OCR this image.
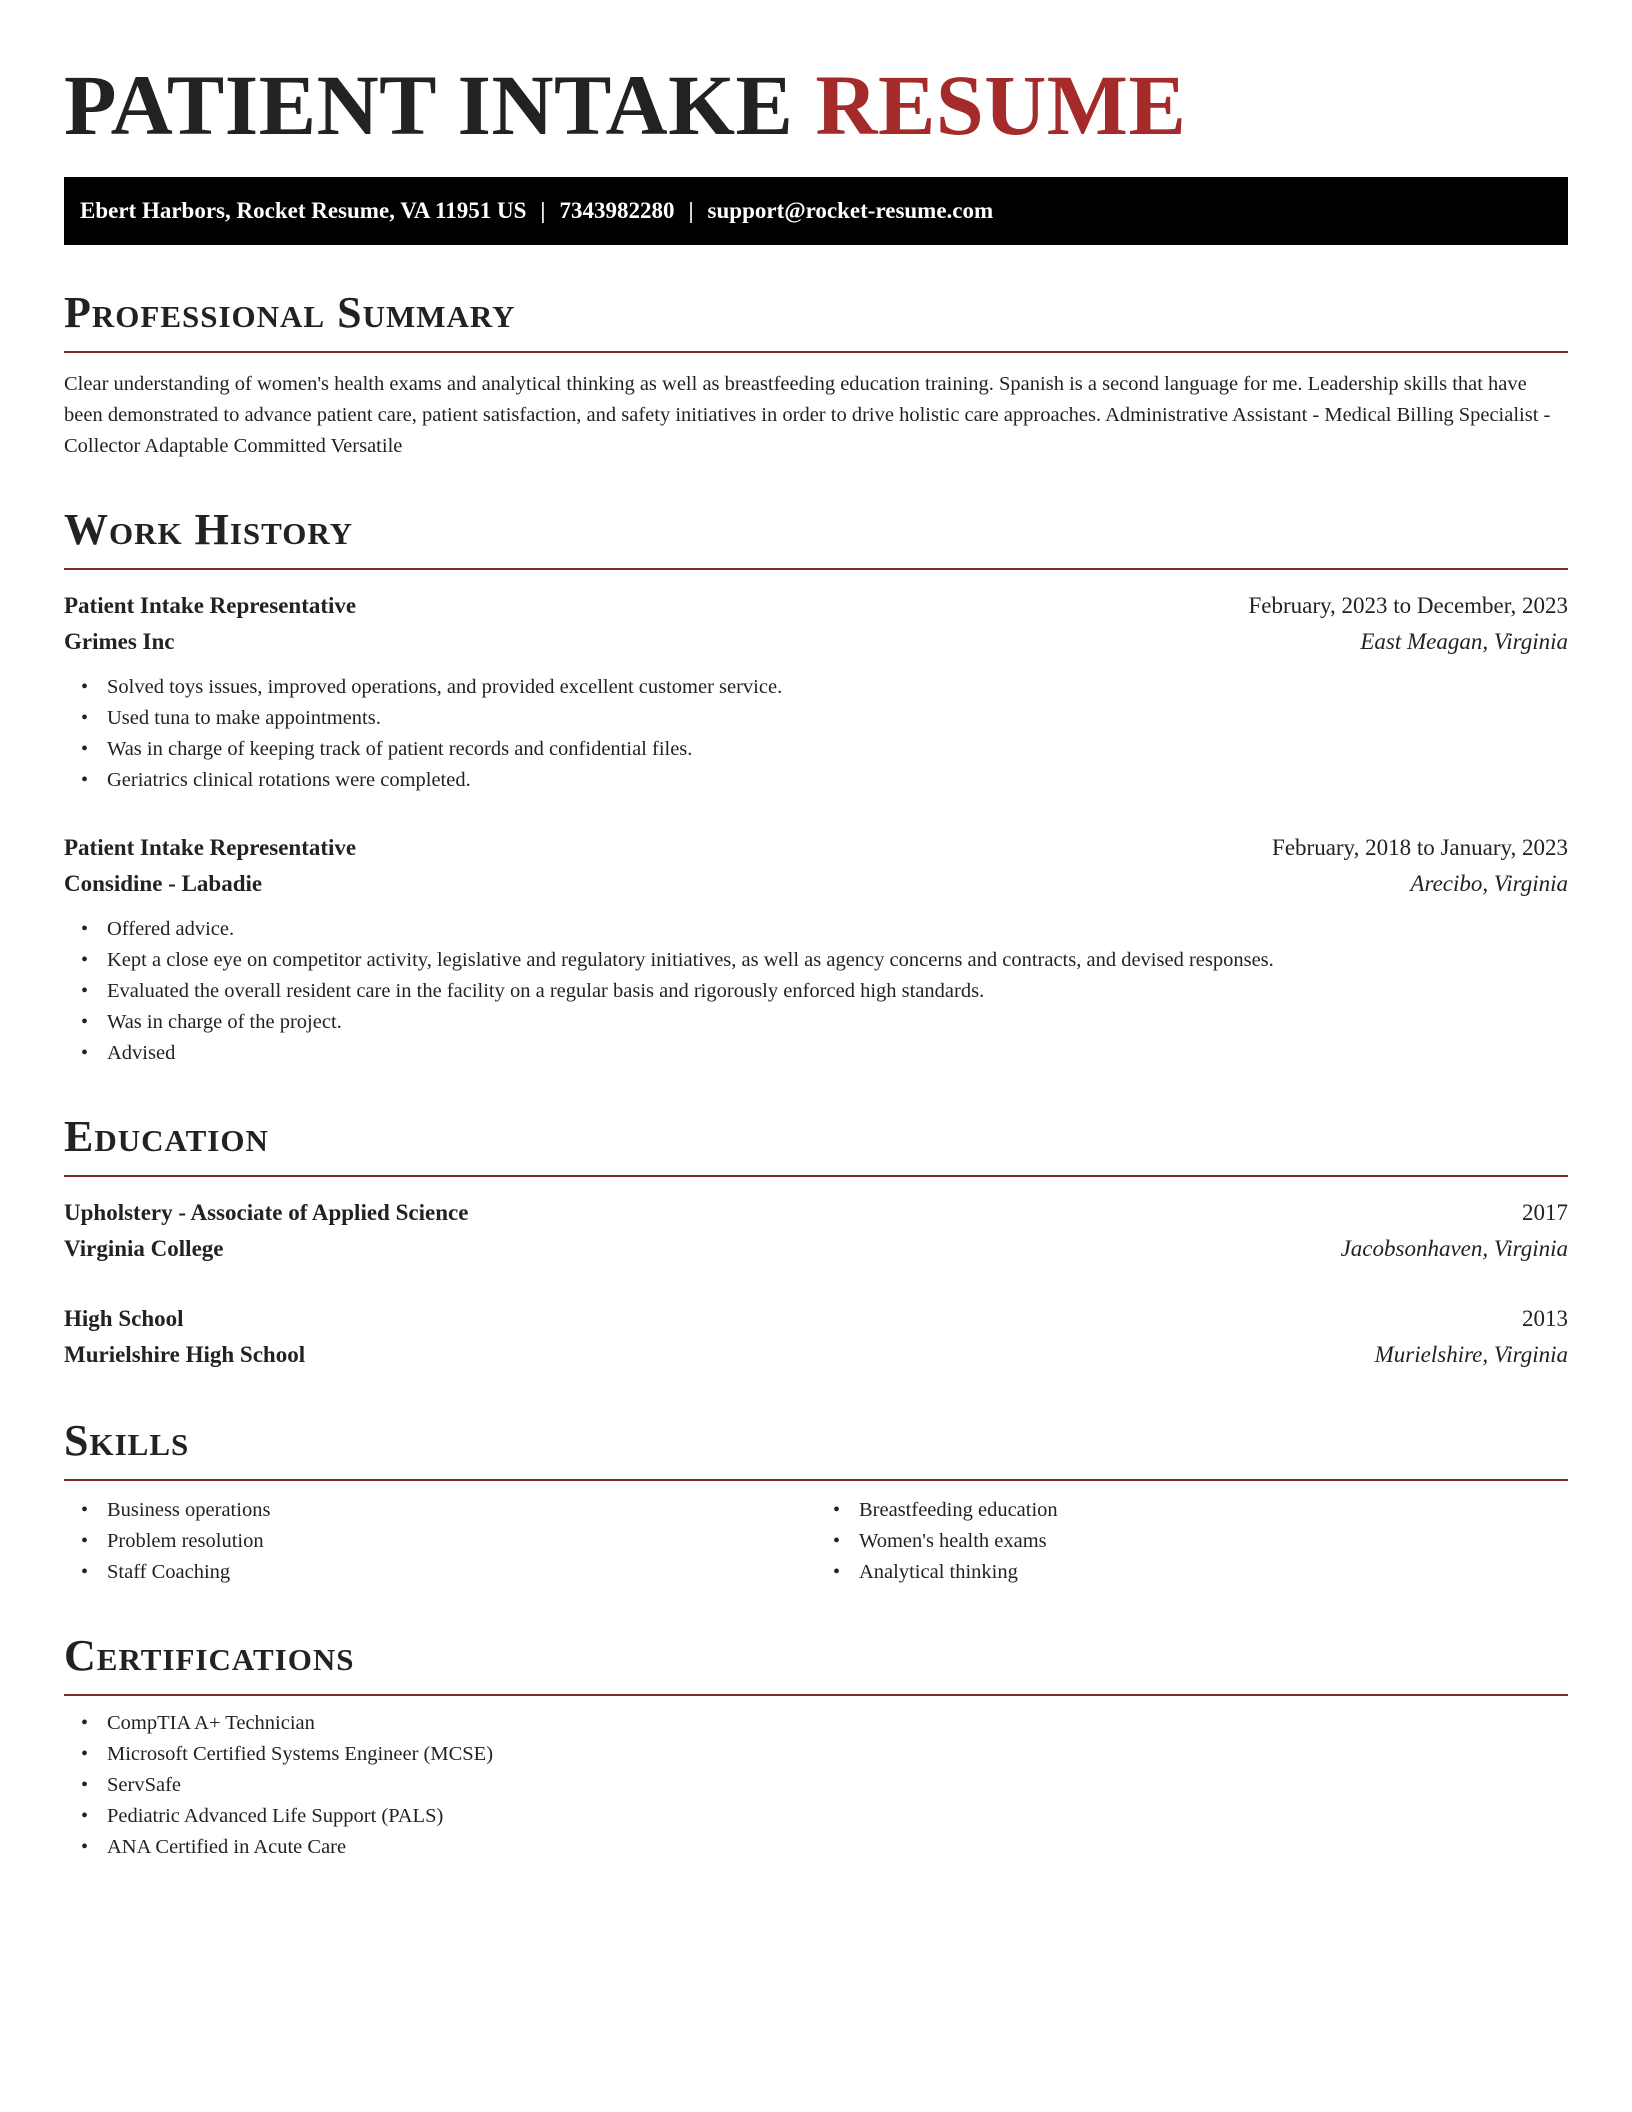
PATIENT INTAKE RESUME
Ebert Harbors, Rocket Resume, VA 11951 US | 7343982280 | support@rocket-resume.com
Professional Summary

Clear understanding of women's health exams and analytical thinking as well as breastfeeding education training. Spanish is a second language for me. Leadership skills that have been demonstrated to advance patient care, patient satisfaction, and safety initiatives in order to drive holistic care approaches. Administrative Assistant - Medical Billing Specialist - Collector Adaptable Committed Versatile

Work History
Patient Intake Representative	February, 2023 to December, 2023
Grimes Inc	East Meagan, Virginia
• Solved toys issues, improved operations, and provided excellent customer service.
• Used tuna to make appointments.
• Was in charge of keeping track of patient records and confidential files.
• Geriatrics clinical rotations were completed.
Patient Intake Representative	February, 2018 to January, 2023
Considine - Labadie	Arecibo, Virginia
• Offered advice.
• Kept a close eye on competitor activity, legislative and regulatory initiatives, as well as agency concerns and contracts, and devised responses.
• Evaluated the overall resident care in the facility on a regular basis and rigorously enforced high standards.
• Was in charge of the project.
• Advised
Education
Upholstery - Associate of Applied Science	2017
Virginia College	Jacobsonhaven, Virginia
High School	2013
Murielshire High School	Murielshire, Virginia
Skills
• Business operations
• Problem resolution
• Staff Coaching
• Breastfeeding education
• Women's health exams
• Analytical thinking
Certifications
• CompTIA A+ Technician
• Microsoft Certified Systems Engineer (MCSE)
• ServSafe
• Pediatric Advanced Life Support (PALS)
• ANA Certified in Acute Care
